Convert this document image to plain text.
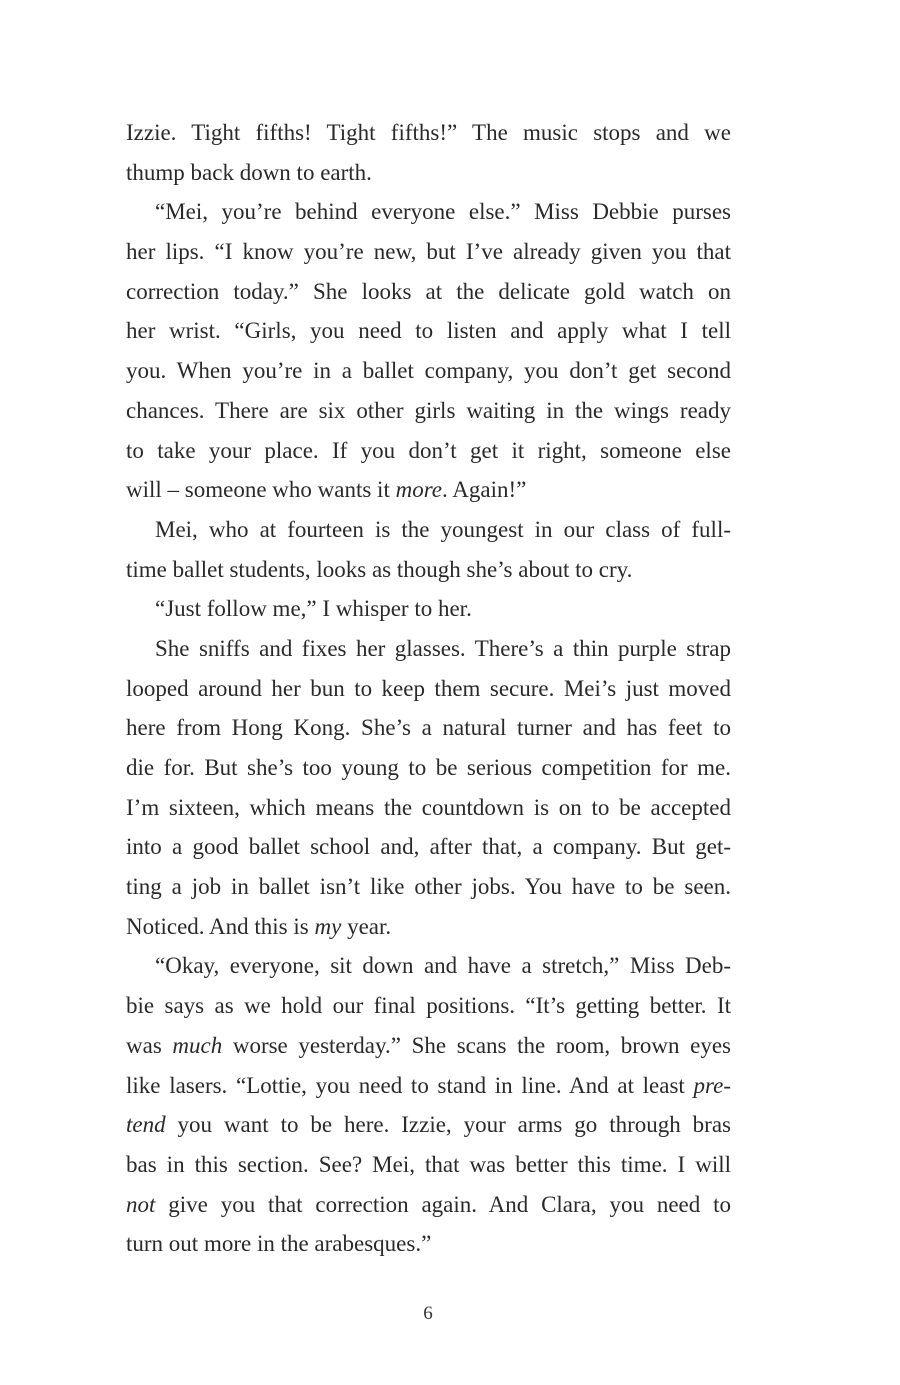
Izzie. Tight fifths! Tight fifths!” The music stops and we
thump back down to earth.
“Mei, you’re behind everyone else.” Miss Debbie purses
her lips. “I know you’re new, but I’ve already given you that
correction today.” She looks at the delicate gold watch on
her wrist. “Girls, you need to listen and apply what I tell
you. When you’re in a ballet company, you don’t get second
chances. There are six other girls waiting in the wings ready
to take your place. If you don’t get it right, someone else
will – someone who wants it more. Again!”
Mei, who at fourteen is the youngest in our class of full-
time ballet students, looks as though she’s about to cry.
“Just follow me,” I whisper to her.
She sniffs and fixes her glasses. There’s a thin purple strap
looped around her bun to keep them secure. Mei’s just moved
here from Hong Kong. She’s a natural turner and has feet to
die for. But she’s too young to be serious competition for me.
I’m sixteen, which means the countdown is on to be accepted
into a good ballet school and, after that, a company. But get-
ting a job in ballet isn’t like other jobs. You have to be seen.
Noticed. And this is my year.
“Okay, everyone, sit down and have a stretch,” Miss Deb-
bie says as we hold our final positions. “It’s getting better. It
was much worse yesterday.” She scans the room, brown eyes
like lasers. “Lottie, you need to stand in line. And at least pre-
tend you want to be here. Izzie, your arms go through bras
bas in this section. See? Mei, that was better this time. I will
not give you that correction again. And Clara, you need to
turn out more in the arabesques.”
6
